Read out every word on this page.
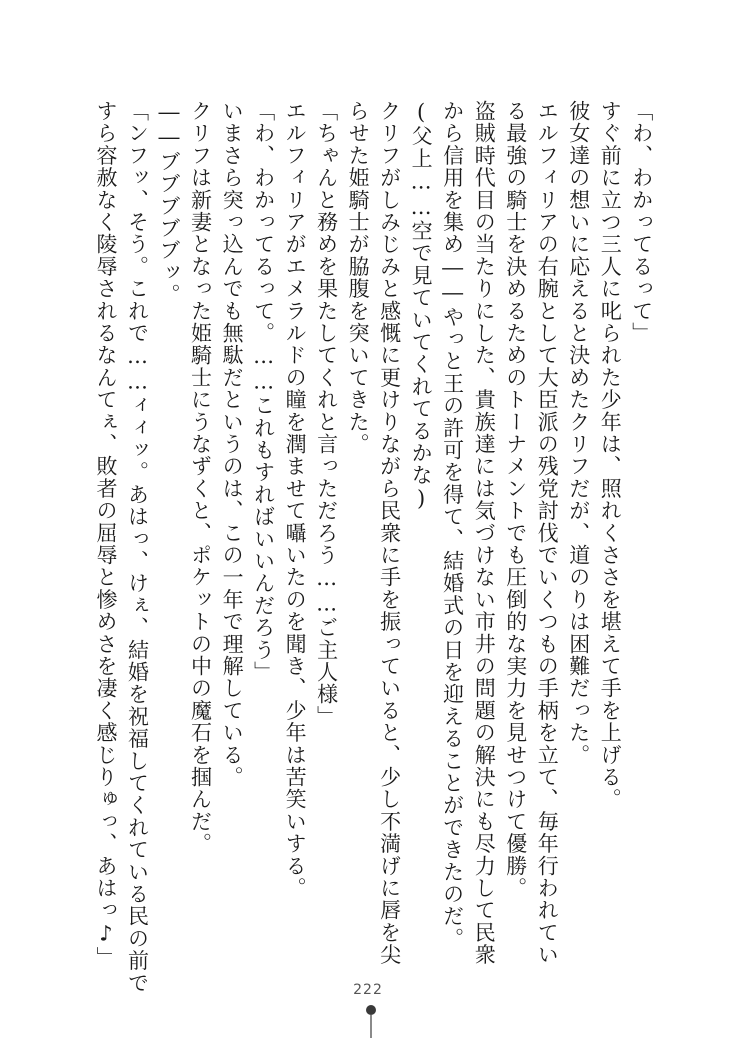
「わ、わかってるって」
すぐ前に立つ三人に叱られた少年は、照れくささを堪えて手を上げる。
彼女達の想いに応えると決めたクリフだが、道のりは困難だった。
エルフィリアの右腕として大臣派の残党討伐でいくつもの手柄を立て、毎年行われてい
る最強の騎士を決めるためのトーナメントでも圧倒的な実力を見せつけて優勝。
盗賊時代目の当たりにした、貴族達には気づけない市井の問題の解決にも尽力して民衆
から信用を集め――やっと王の許可を得て、結婚式の日を迎えることができたのだ。
(父上……空で見ていてくれてるかな)
クリフがしみじみと感慨に更けりながら民衆に手を振っていると、少し不満げに唇を尖
らせた姫騎士が脇腹を突いてきた。
「ちゃんと務めを果たしてくれと言っただろう……ご主人様」
エルフィリアがエメラルドの瞳を潤ませて囁いたのを聞き、少年は苦笑いする。
「わ、わかってるって。……これもすればいいんだろう」
いまさら突っ込んでも無駄だというのは、この一年で理解している。
クリフは新妻となった姫騎士にうなずくと、ポケットの中の魔石を掴んだ。
――ブブブブブッ。
「ンフッ、そう。これで……ィィッ。あはっ、けぇ、結婚を祝福してくれている民の前で
すら容赦なく陵辱されるなんてぇ、敗者の屈辱と惨めさを凄く感じりゅっ、あはっ♪」
222
